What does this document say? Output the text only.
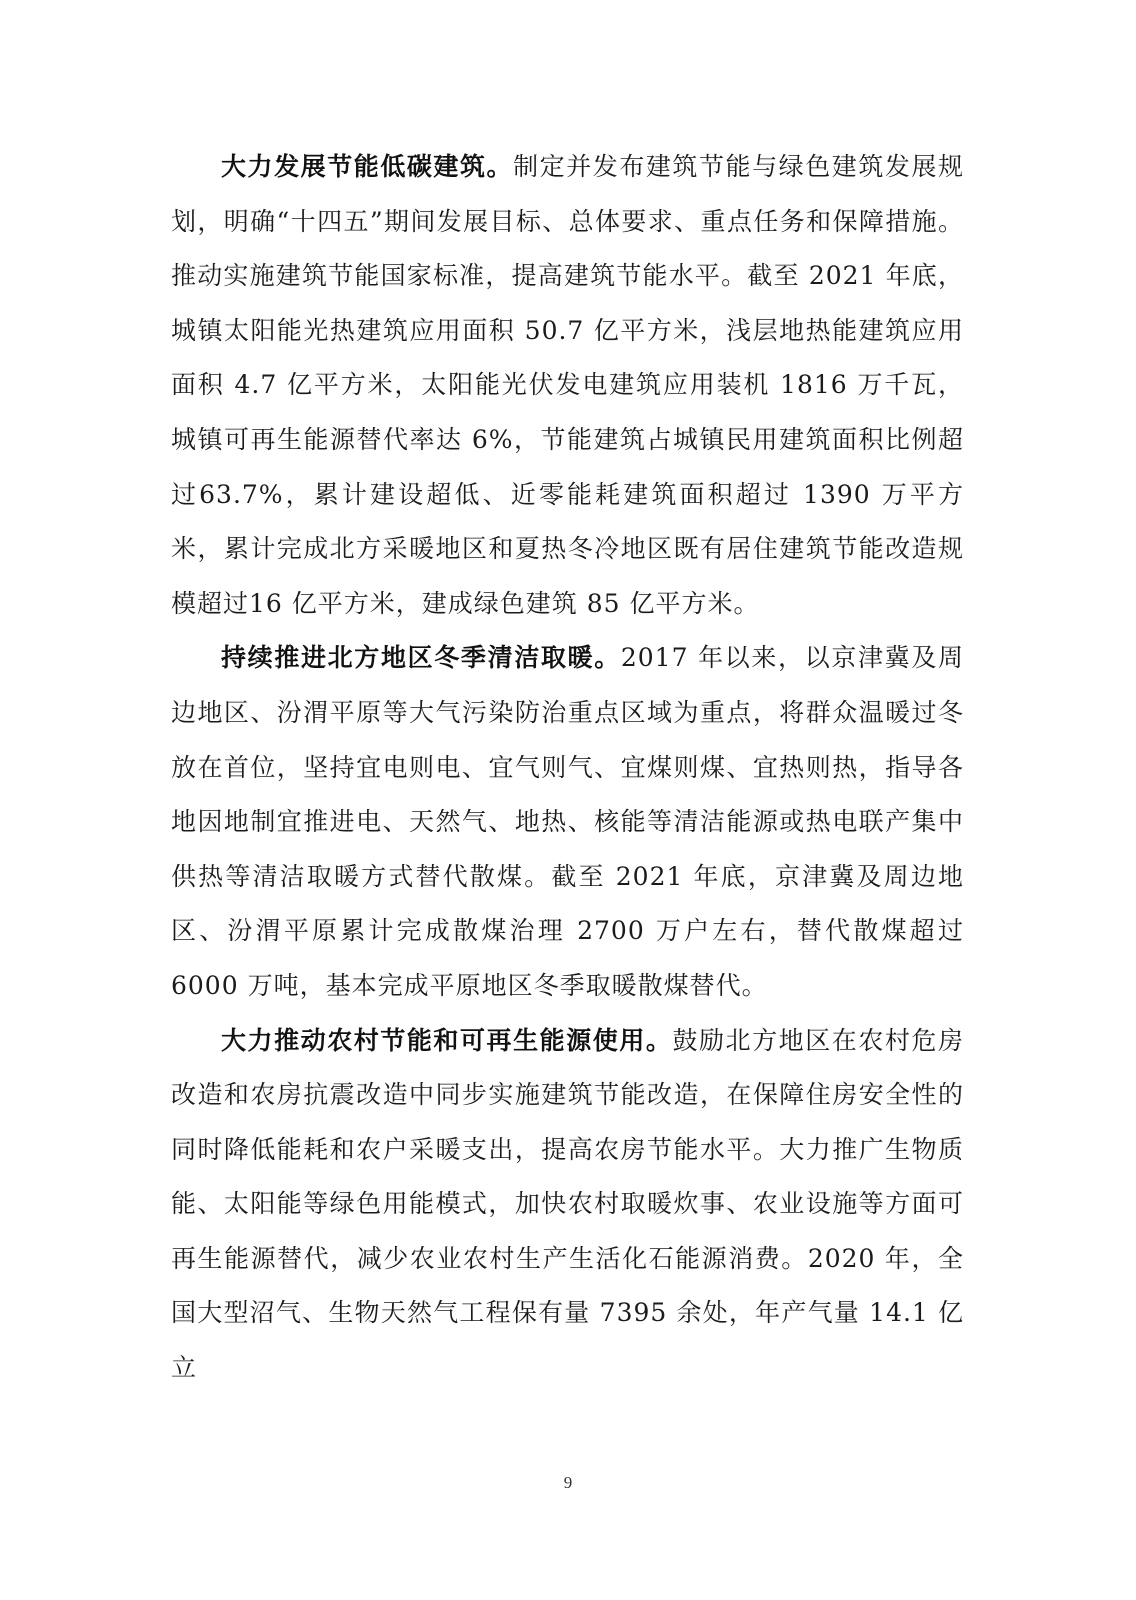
大力发展节能低碳建筑。制定并发布建筑节能与绿色建筑发展规划，明确“十四五”期间发展目标、总体要求、重点任务和保障措施。推动实施建筑节能国家标准，提高建筑节能水平。截至 2021 年底，城镇太阳能光热建筑应用面积 50.7 亿平方米，浅层地热能建筑应用面积 4.7 亿平方米，太阳能光伏发电建筑应用装机 1816 万千瓦，城镇可再生能源替代率达 6%，节能建筑占城镇民用建筑面积比例超过63.7%，累计建设超低、近零能耗建筑面积超过 1390 万平方米，累计完成北方采暖地区和夏热冬冷地区既有居住建筑节能改造规模超过16 亿平方米，建成绿色建筑 85 亿平方米。

持续推进北方地区冬季清洁取暖。2017 年以来，以京津冀及周边地区、汾渭平原等大气污染防治重点区域为重点，将群众温暖过冬放在首位，坚持宜电则电、宜气则气、宜煤则煤、宜热则热，指导各地因地制宜推进电、天然气、地热、核能等清洁能源或热电联产集中供热等清洁取暖方式替代散煤。截至 2021 年底，京津冀及周边地区、汾渭平原累计完成散煤治理 2700 万户左右，替代散煤超过 6000 万吨，基本完成平原地区冬季取暖散煤替代。

大力推动农村节能和可再生能源使用。鼓励北方地区在农村危房改造和农房抗震改造中同步实施建筑节能改造，在保障住房安全性的同时降低能耗和农户采暖支出，提高农房节能水平。大力推广生物质能、太阳能等绿色用能模式，加快农村取暖炊事、农业设施等方面可再生能源替代，减少农业农村生产生活化石能源消费。2020 年，全国大型沼气、生物天然气工程保有量 7395 余处，年产气量 14.1 亿立

9
